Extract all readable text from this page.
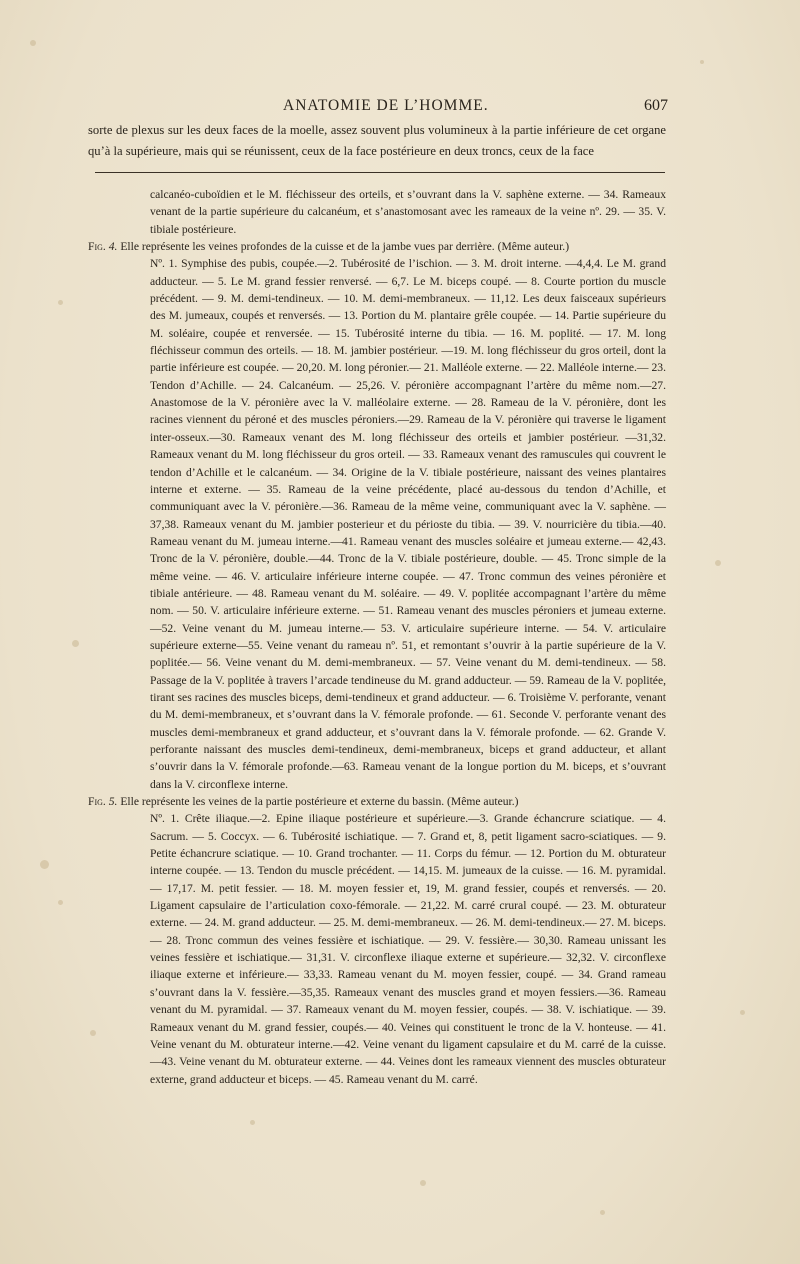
ANATOMIE DE L’HOMME.	607
sorte de plexus sur les deux faces de la moelle, assez souvent plus volumineux à la partie inférieure de cet organe qu’à la supérieure, mais qui se réunissent, ceux de la face postérieure en deux troncs, ceux de la face

calcanéo-cuboïdien et le M. fléchisseur des orteils, et s’ouvrant dans la V. saphène externe. — 34. Rameaux venant de la partie supérieure du calcanéum, et s’anastomosant avec les rameaux de la veine nº. 29. — 35. V. tibiale postérieure.

Fig. 4. Elle représente les veines profondes de la cuisse et de la jambe vues par derrière. (Même auteur.)

Nº. 1. Symphise des pubis, coupée.—2. Tubérosité de l’ischion. — 3. M. droit interne. —4,4,4. Le M. grand adducteur. — 5. Le M. grand fessier renversé. — 6,7. Le M. biceps coupé. — 8. Courte portion du muscle précédent. — 9. M. demi-tendineux. — 10. M. demi-membraneux. — 11,12. Les deux faisceaux supérieurs des M. jumeaux, coupés et renversés. — 13. Portion du M. plantaire grêle coupée. — 14. Partie supérieure du M. soléaire, coupée et renversée. — 15. Tubérosité interne du tibia. — 16. M. poplité. — 17. M. long fléchisseur commun des orteils. — 18. M. jambier postérieur. —19. M. long fléchisseur du gros orteil, dont la partie inférieure est coupée. — 20,20. M. long péronier.— 21. Malléole externe. — 22. Malléole interne.— 23. Tendon d’Achille. — 24. Calcanéum. — 25,26. V. péronière accompagnant l’artère du même nom.—27. Anastomose de la V. péronière avec la V. malléolaire externe. — 28. Rameau de la V. péronière, dont les racines viennent du péroné et des muscles péroniers.—29. Rameau de la V. péronière qui traverse le ligament inter-osseux.—30. Rameaux venant des M. long fléchisseur des orteils et jambier postérieur. —31,32. Rameaux venant du M. long fléchisseur du gros orteil. — 33. Rameaux venant des ramuscules qui couvrent le tendon d’Achille et le calcanéum. — 34. Origine de la V. tibiale postérieure, naissant des veines plantaires interne et externe. — 35. Rameau de la veine précédente, placé au-dessous du tendon d’Achille, et communiquant avec la V. péronière.—36. Rameau de la même veine, communiquant avec la V. saphène. — 37,38. Rameaux venant du M. jambier posterieur et du périoste du tibia. — 39. V. nourricière du tibia.—40. Rameau venant du M. jumeau interne.—41. Rameau venant des muscles soléaire et jumeau externe.— 42,43. Tronc de la V. péronière, double.—44. Tronc de la V. tibiale postérieure, double. — 45. Tronc simple de la même veine. — 46. V. articulaire inférieure interne coupée. — 47. Tronc commun des veines péronière et tibiale antérieure. — 48. Rameau venant du M. soléaire. — 49. V. poplitée accompagnant l’artère du même nom. — 50. V. articulaire inférieure externe. — 51. Rameau venant des muscles péroniers et jumeau externe. —52. Veine venant du M. jumeau interne.— 53. V. articulaire supérieure interne. — 54. V. articulaire supérieure externe—55. Veine venant du rameau nº. 51, et remontant s’ouvrir à la partie supérieure de la V. poplitée.— 56. Veine venant du M. demi-membraneux. — 57. Veine venant du M. demi-tendineux. — 58. Passage de la V. poplitée à travers l’arcade tendineuse du M. grand adducteur. — 59. Rameau de la V. poplitée, tirant ses racines des muscles biceps, demi-tendineux et grand adducteur. — 6. Troisième V. perforante, venant du M. demi-membraneux, et s’ouvrant dans la V. fémorale profonde. — 61. Seconde V. perforante venant des muscles demi-membraneux et grand adducteur, et s’ouvrant dans la V. fémorale profonde. — 62. Grande V. perforante naissant des muscles demi-tendineux, demi-membraneux, biceps et grand adducteur, et allant s’ouvrir dans la V. fémorale profonde.—63. Rameau venant de la longue portion du M. biceps, et s’ouvrant dans la V. circonflexe interne.

Fig. 5. Elle représente les veines de la partie postérieure et externe du bassin. (Même auteur.)

Nº. 1. Crête iliaque.—2. Epine iliaque postérieure et supérieure.—3. Grande échancrure sciatique. — 4. Sacrum. — 5. Coccyx. — 6. Tubérosité ischiatique. — 7. Grand et, 8, petit ligament sacro-sciatiques. — 9. Petite échancrure sciatique. — 10. Grand trochanter. — 11. Corps du fémur. — 12. Portion du M. obturateur interne coupée. — 13. Tendon du muscle précédent. — 14,15. M. jumeaux de la cuisse. — 16. M. pyramidal. — 17,17. M. petit fessier. — 18. M. moyen fessier et, 19, M. grand fessier, coupés et renversés. — 20. Ligament capsulaire de l’articulation coxo-fémorale. — 21,22. M. carré crural coupé. — 23. M. obturateur externe. — 24. M. grand adducteur. — 25. M. demi-membraneux. — 26. M. demi-tendineux.— 27. M. biceps. — 28. Tronc commun des veines fessière et ischiatique. — 29. V. fessière.— 30,30. Rameau unissant les veines fessière et ischiatique.— 31,31. V. circonflexe iliaque externe et supérieure.— 32,32. V. circonflexe iliaque externe et inférieure.— 33,33. Rameau venant du M. moyen fessier, coupé. — 34. Grand rameau s’ouvrant dans la V. fessière.—35,35. Rameaux venant des muscles grand et moyen fessiers.—36. Rameau venant du M. pyramidal. — 37. Rameaux venant du M. moyen fessier, coupés. — 38. V. ischiatique. — 39. Rameaux venant du M. grand fessier, coupés.— 40. Veines qui constituent le tronc de la V. honteuse. — 41. Veine venant du M. obturateur interne.—42. Veine venant du ligament capsulaire et du M. carré de la cuisse. —43. Veine venant du M. obturateur externe. — 44. Veines dont les rameaux viennent des muscles obturateur externe, grand adducteur et biceps. — 45. Rameau venant du M. carré.
